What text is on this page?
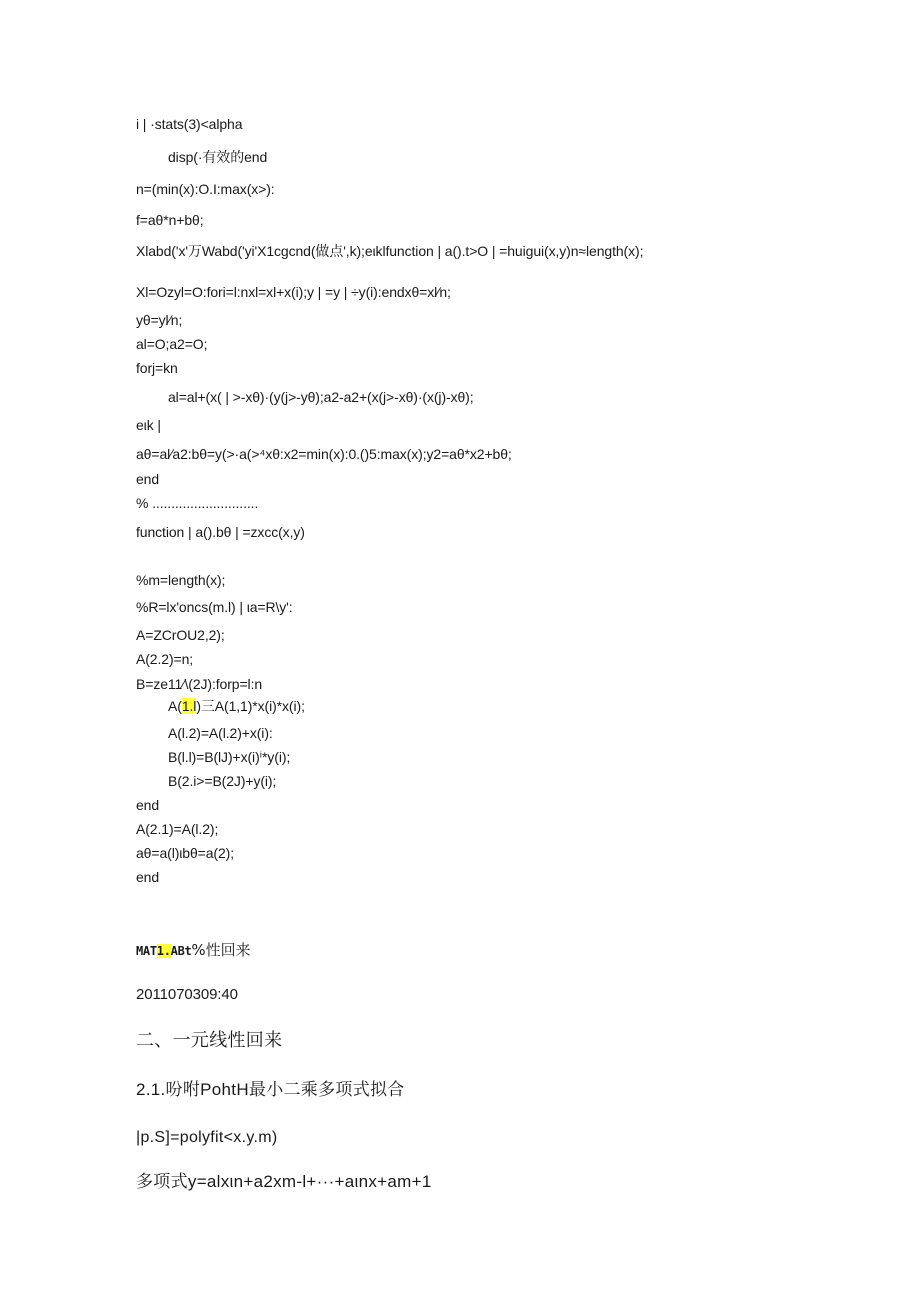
i | ·stats(3)<alpha
disp(·有效的end
n=(min(x):O.I:max(x>):
f=aθ*n+bθ;
Xlabd('x'万Wabd('yi'X1cgcnd(做点',k);eιklfunction | a().t>O | =huigui(x,y)n≈length(x);
Xl=Ozyl=O:fori=l:nxl=xl+x(i);y | =y | ÷y(i):endxθ=xl∕n;
yθ=yl∕n;
al=O;a2=O;
forj=kn
al=al+(x( | >-xθ)·(y(j>-yθ);a2-a2+(x(j>-xθ)·(x(j)-xθ);
eιk |
aθ=al∕a2:bθ=y(>·a(>⁴xθ:x2=min(x):0.()5:max(x);y2=aθ*x2+bθ;
end
% ............................
function | a().bθ | =zxcc(x,y)
%m=length(x);
%R=lx'oncs(m.l) | ιa=R\y':
A=ZCrOU2,2);
A(2.2)=n;
B=ze11∕\(2J):forp=l:n
A(1.l)三A(1,1)*x(i)*x(i);
A(l.2)=A(l.2)+x(i):
B(l.l)=B(lJ)+x(i)ⁱ*y(i);
B(2.i>=B(2J)+y(i);
end
A(2.1)=A(l.2);
aθ=a(l)ιbθ=a(2);
end
MAT1.ABt%性回来
2011070309:40
二、一元线性回来
2.1.吩咐PohtH最小二乘多项式拟合
|p.S]=polyfit<x.y.m)
多项式y=alxιn+a2xm-l+···+aιnx+am+1
